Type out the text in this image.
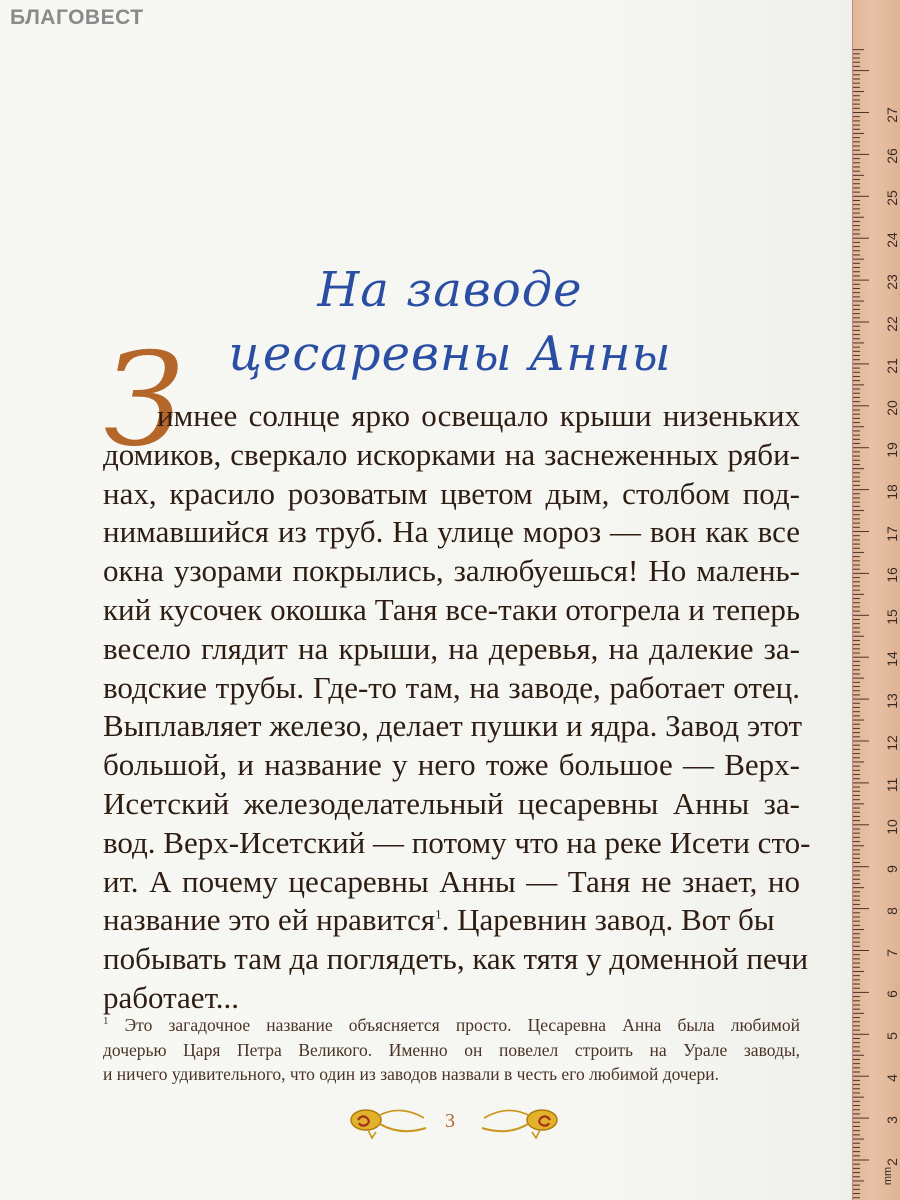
БЛАГОВЕСТ
На заводе
цесаревны Анны
З
имнее солнце ярко освещало крыши низеньких
домиков, сверкало искорками на заснеженных ряби-
нах, красило розоватым цветом дым, столбом под-
нимавшийся из труб. На улице мороз — вон как все
окна узорами покрылись, залюбуешься! Но малень-
кий кусочек окошка Таня все-таки отогрела и теперь
весело глядит на крыши, на деревья, на далекие за-
водские трубы. Где-то там, на заводе, работает отец.
Выплавляет железо, делает пушки и ядра. Завод этот
большой, и название у него тоже большое — Верх-
Исетский железоделательный цесаревны Анны за-
вод. Верх-Исетский — потому что на реке Исети сто-
ит. А почему цесаревны Анны — Таня не знает, но
название это ей нравится$^1$. Царевнин завод. Вот бы
побывать там да поглядеть, как тятя у доменной печи
работает...
$^1$ Это загадочное название объясняется просто. Цесаревна Анна была любимой
дочерью Царя Петра Великого. Именно он повелел строить на Урале заводы,
и ничего удивительного, что один из заводов назвали в честь его любимой дочери.
3
27
26
25
24
23
22
21
20
19
18
17
16
15
14
13
12
11
10
9
8
7
6
5
4
3
2
mm
